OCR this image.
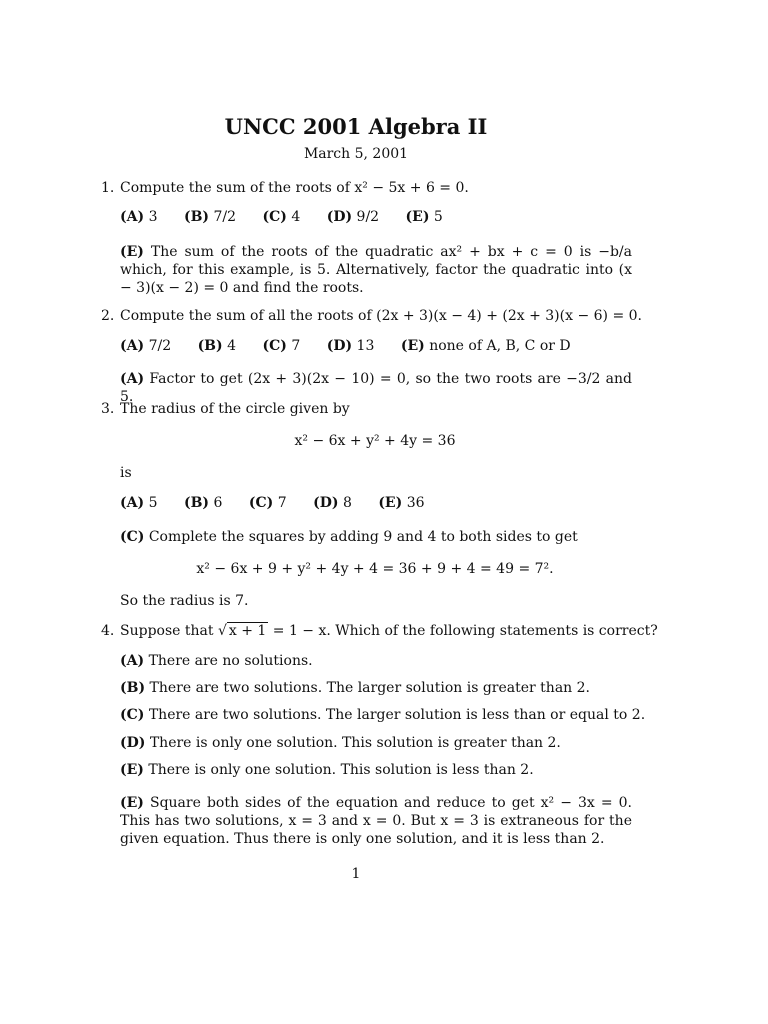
UNCC 2001 Algebra II
March 5, 2001
1. Compute the sum of the roots of x² − 5x + 6 = 0.
(A) 3 (B) 7/2 (C) 4 (D) 9/2 (E) 5
(E) The sum of the roots of the quadratic ax² + bx + c = 0 is −b/a which, for this example, is 5. Alternatively, factor the quadratic into (x − 3)(x − 2) = 0 and find the roots.
2. Compute the sum of all the roots of (2x + 3)(x − 4) + (2x + 3)(x − 6) = 0.
(A) 7/2 (B) 4 (C) 7 (D) 13 (E) none of A, B, C or D
(A) Factor to get (2x + 3)(2x − 10) = 0, so the two roots are −3/2 and 5.
3. The radius of the circle given by
x² − 6x + y² + 4y = 36
is
(A) 5 (B) 6 (C) 7 (D) 8 (E) 36
(C) Complete the squares by adding 9 and 4 to both sides to get
x² − 6x + 9 + y² + 4y + 4 = 36 + 9 + 4 = 49 = 7².
So the radius is 7.
4. Suppose that √ x + 1 = 1 − x. Which of the following statements is correct?
(A) There are no solutions.
(B) There are two solutions. The larger solution is greater than 2.
(C) There are two solutions. The larger solution is less than or equal to 2.
(D) There is only one solution. This solution is greater than 2.
(E) There is only one solution. This solution is less than 2.
(E) Square both sides of the equation and reduce to get x² − 3x = 0. This has two solutions, x = 3 and x = 0. But x = 3 is extraneous for the given equation. Thus there is only one solution, and it is less than 2.
1
